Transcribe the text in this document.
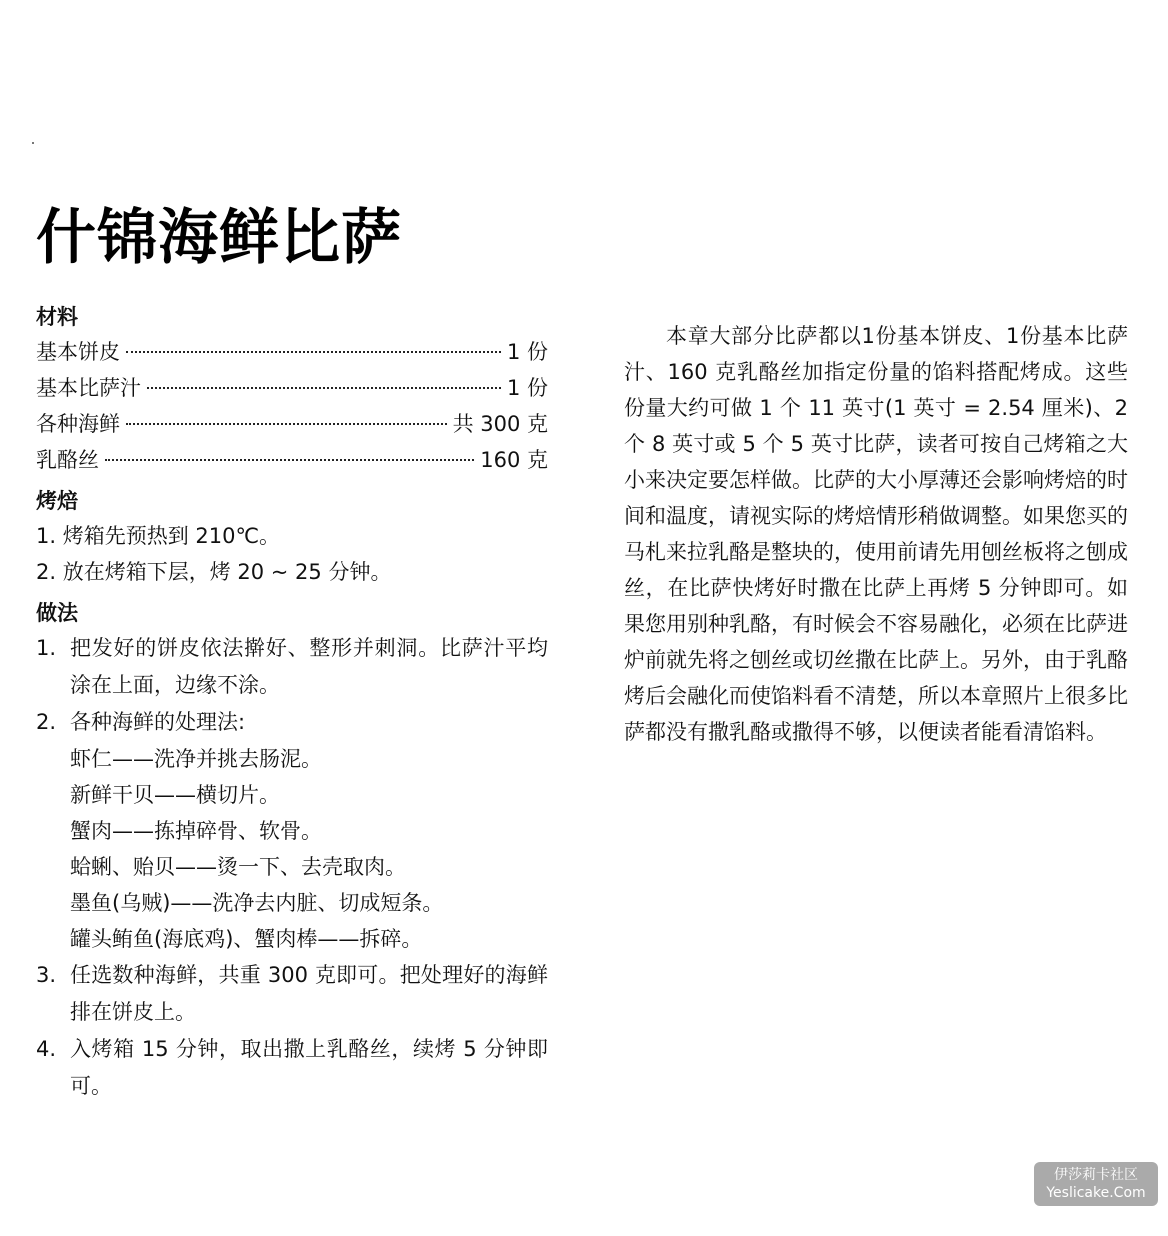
什锦海鲜比萨
材料
基本饼皮	1 份
基本比萨汁	1 份
各种海鲜	共 300 克
乳酪丝	160 克
烤焙
1. 烤箱先预热到 210℃。
2. 放在烤箱下层，烤 20 ~ 25 分钟。
做法
1. 把发好的饼皮依法擀好、整形并刺洞。比萨汁平均涂在上面，边缘不涂。
2. 各种海鲜的处理法:
虾仁——洗净并挑去肠泥。
新鲜干贝——横切片。
蟹肉——拣掉碎骨、软骨。
蛤蜊、贻贝——烫一下、去壳取肉。
墨鱼(乌贼)——洗净去内脏、切成短条。
罐头鲔鱼(海底鸡)、蟹肉棒——拆碎。
3. 任选数种海鲜，共重 300 克即可。把处理好的海鲜排在饼皮上。
4. 入烤箱 15 分钟，取出撒上乳酪丝，续烤 5 分钟即可。
本章大部分比萨都以1份基本饼皮、1份基本比萨汁、160 克乳酪丝加指定份量的馅料搭配烤成。这些份量大约可做 1 个 11 英寸(1 英寸 = 2.54 厘米)、2 个 8 英寸或 5 个 5 英寸比萨，读者可按自己烤箱之大小来决定要怎样做。比萨的大小厚薄还会影响烤焙的时间和温度，请视实际的烤焙情形稍做调整。如果您买的马札来拉乳酪是整块的，使用前请先用刨丝板将之刨成丝，在比萨快烤好时撒在比萨上再烤 5 分钟即可。如果您用别种乳酪，有时候会不容易融化，必须在比萨进炉前就先将之刨丝或切丝撒在比萨上。另外，由于乳酪烤后会融化而使馅料看不清楚，所以本章照片上很多比萨都没有撒乳酪或撒得不够，以便读者能看清馅料。
伊莎莉卡社区
Yeslicake.Com
